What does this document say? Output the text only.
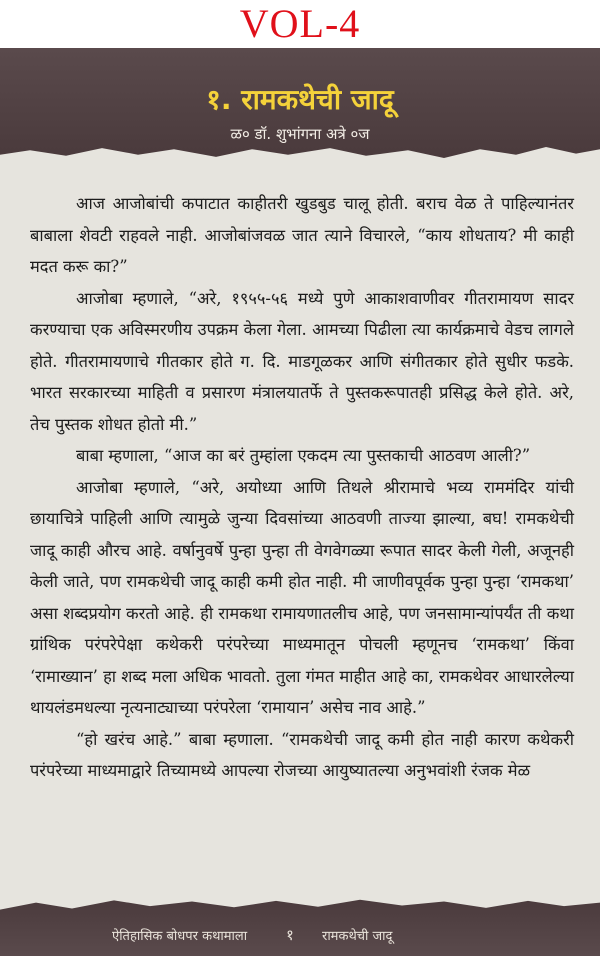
VOL-4
१. रामकथेची जादू
ळ० डॉ. शुभांगना अत्रे ०ज

आज आजोबांची कपाटात काहीतरी खुडबुड चालू होती. बराच वेळ ते पाहिल्यानंतर बाबाला शेवटी राहवले नाही. आजोबांजवळ जात त्याने विचारले, “काय शोधताय? मी काही मदत करू का?”

आजोबा म्हणाले, “अरे, १९५५-५६ मध्ये पुणे आकाशवाणीवर गीतरामायण सादर करण्याचा एक अविस्मरणीय उपक्रम केला गेला. आमच्या पिढीला त्या कार्यक्रमाचे वेडच लागले होते. गीतरामायणाचे गीतकार होते ग. दि. माडगूळकर आणि संगीतकार होते सुधीर फडके. भारत सरकारच्या माहिती व प्रसारण मंत्रालयातर्फे ते पुस्तकरूपातही प्रसिद्ध केले होते. अरे, तेच पुस्तक शोधत होतो मी.”

बाबा म्हणाला, “आज का बरं तुम्हांला एकदम त्या पुस्तकाची आठवण आली?”

आजोबा म्हणाले, “अरे, अयोध्या आणि तिथले श्रीरामाचे भव्य राममंदिर यांची छायाचित्रे पाहिली आणि त्यामुळे जुन्या दिवसांच्या आठवणी ताज्या झाल्या, बघ! रामकथेची जादू काही औरच आहे. वर्षानुवर्षे पुन्हा पुन्हा ती वेगवेगळ्या रूपात सादर केली गेली, अजूनही केली जाते, पण रामकथेची जादू काही कमी होत नाही. मी जाणीवपूर्वक पुन्हा पुन्हा ‘रामकथा’ असा शब्दप्रयोग करतो आहे. ही रामकथा रामायणातलीच आहे, पण जनसामान्यांपर्यंत ती कथा ग्रांथिक परंपरेपेक्षा कथेकरी परंपरेच्या माध्यमातून पोचली म्हणूनच ‘रामकथा’ किंवा ‘रामाख्यान’ हा शब्द मला अधिक भावतो. तुला गंमत माहीत आहे का, रामकथेवर आधारलेल्या थायलंडमधल्या नृत्यनाट्याच्या परंपरेला ‘रामायान’ असेच नाव आहे.”

“हो खरंच आहे.” बाबा म्हणाला. “रामकथेची जादू कमी होत नाही कारण कथेकरी परंपरेच्या माध्यमाद्वारे तिच्यामध्ये आपल्या रोजच्या आयुष्यातल्या अनुभवांशी रंजक मेळ

ऐतिहासिक बोधपर कथामाला	१ रामकथेची जादू
